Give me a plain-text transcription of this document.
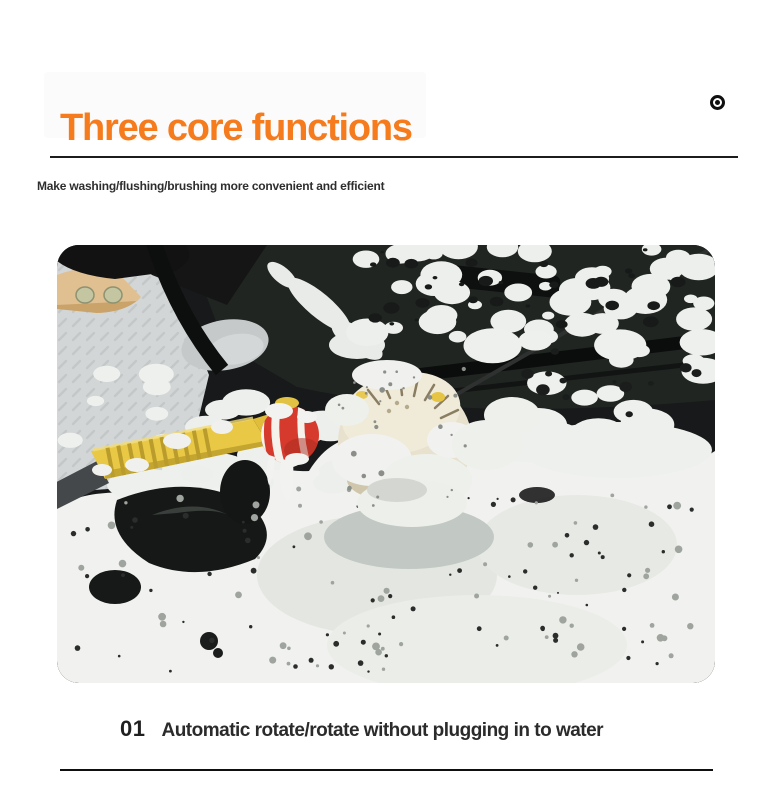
Three core functions
Make washing/flushing/brushing more convenient and efficient
01 Automatic rotate/rotate without plugging in to water
